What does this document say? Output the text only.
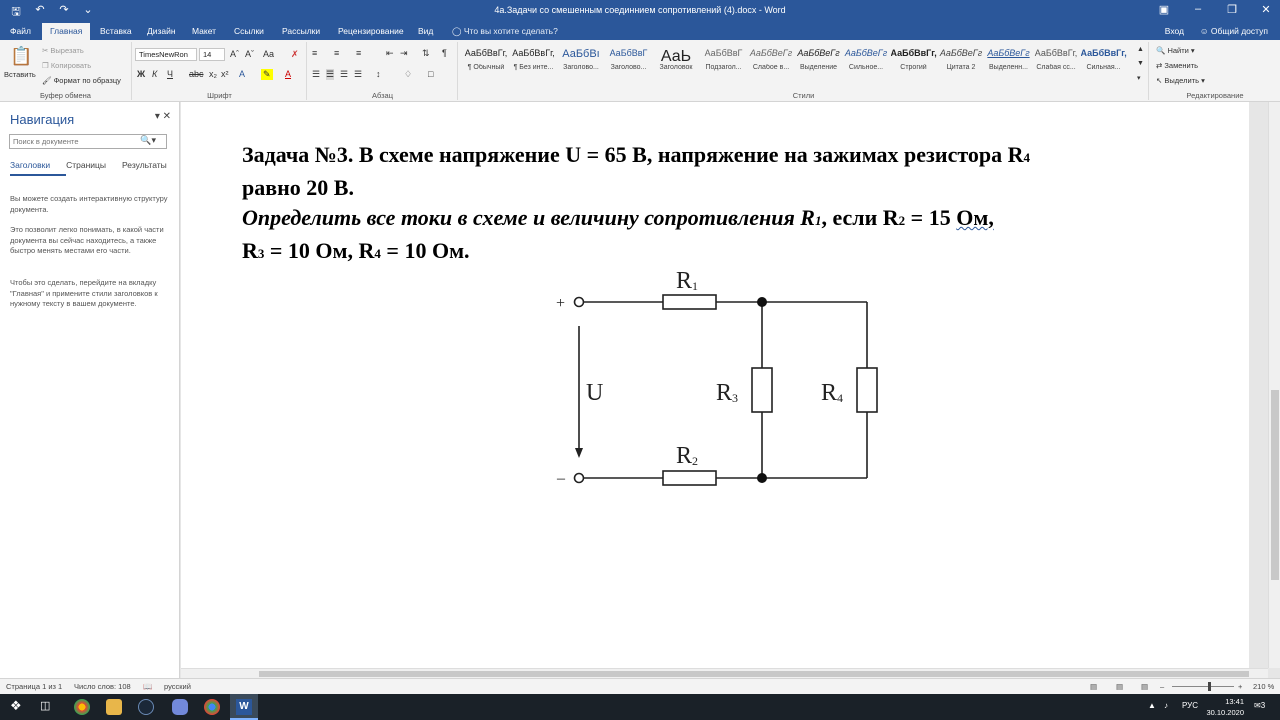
🖫	↶	↷	⌄	4а.Задачи со смешенным соединнием сопротивлений (4).docx - Word	▣	–	❐	✕
Файл	Главная	Вставка Дизайн Макет Ссылки Рассылки Рецензирование Вид ◯ Что вы хотите сделать?	Вход ☺ Общий доступ
📋
Вставить
✂ Вырезать
❐ Копировать
🖌 Формат по образцу
Буфер обмена
TimesNewRon	14	Aˆ Aˇ Aa ✗
Ж К Ч abc x₂ x² A ✎ A
Шрифт
≡ ≡ ≡	⇤ ⇥ ⇅ ¶
☰ ☰ ☰ ☰ ↕	♢ □
Абзац
АаБбВвГг,
¶ Обычный
АаБбВвГг,
¶ Без инте...
АаБбВı
Заголово...
АаБбВвГ
Заголово...
АаЬ
Заголовок
АаБбВвГ
Подзагол...
АаБбВеГг
Слабое в...
АаБбВеГг
Выделение
АаБбВеГг
Сильное...
АаБбВвГг,
Строгий
АаБбВеГг
Цитата 2
АаБбВеГг
Выделенн...
АаБбВвГг,
Слабая сс...
АаБбВвГг,
Сильная...
▲
▼
▾
Стили
🔍 Найти ▾
⇄ Заменить
↖ Выделить ▾
Редактирование
Навигация	▾ ✕
Поиск в документе
🔍▾
Заголовки Страницы Результаты
Вы можете создать интерактивную структуру документа.
Это позволит легко понимать, в какой части документа вы сейчас находитесь, а также быстро менять местами его части.
Чтобы это сделать, перейдите на вкладку "Главная" и примените стили заголовков к нужному тексту в вашем документе.
Задача №3. В схеме напряжение U = 65 В, напряжение на зажимах резистора R4
равно 20 В.
Определить все токи в схеме и величину сопротивления R1, если R2 = 15 Ом,
R3 = 10 Ом, R4 = 10 Ом.
+
–
U
R 1
R 2
R 3	R 4
Страница 1 из 1 Число слов: 108 📖 русский	▤	▤ ▤ –	+ 210 %
❖	◫	W	▲ ♪ РУС	13:41
30.10.2020
✉3
